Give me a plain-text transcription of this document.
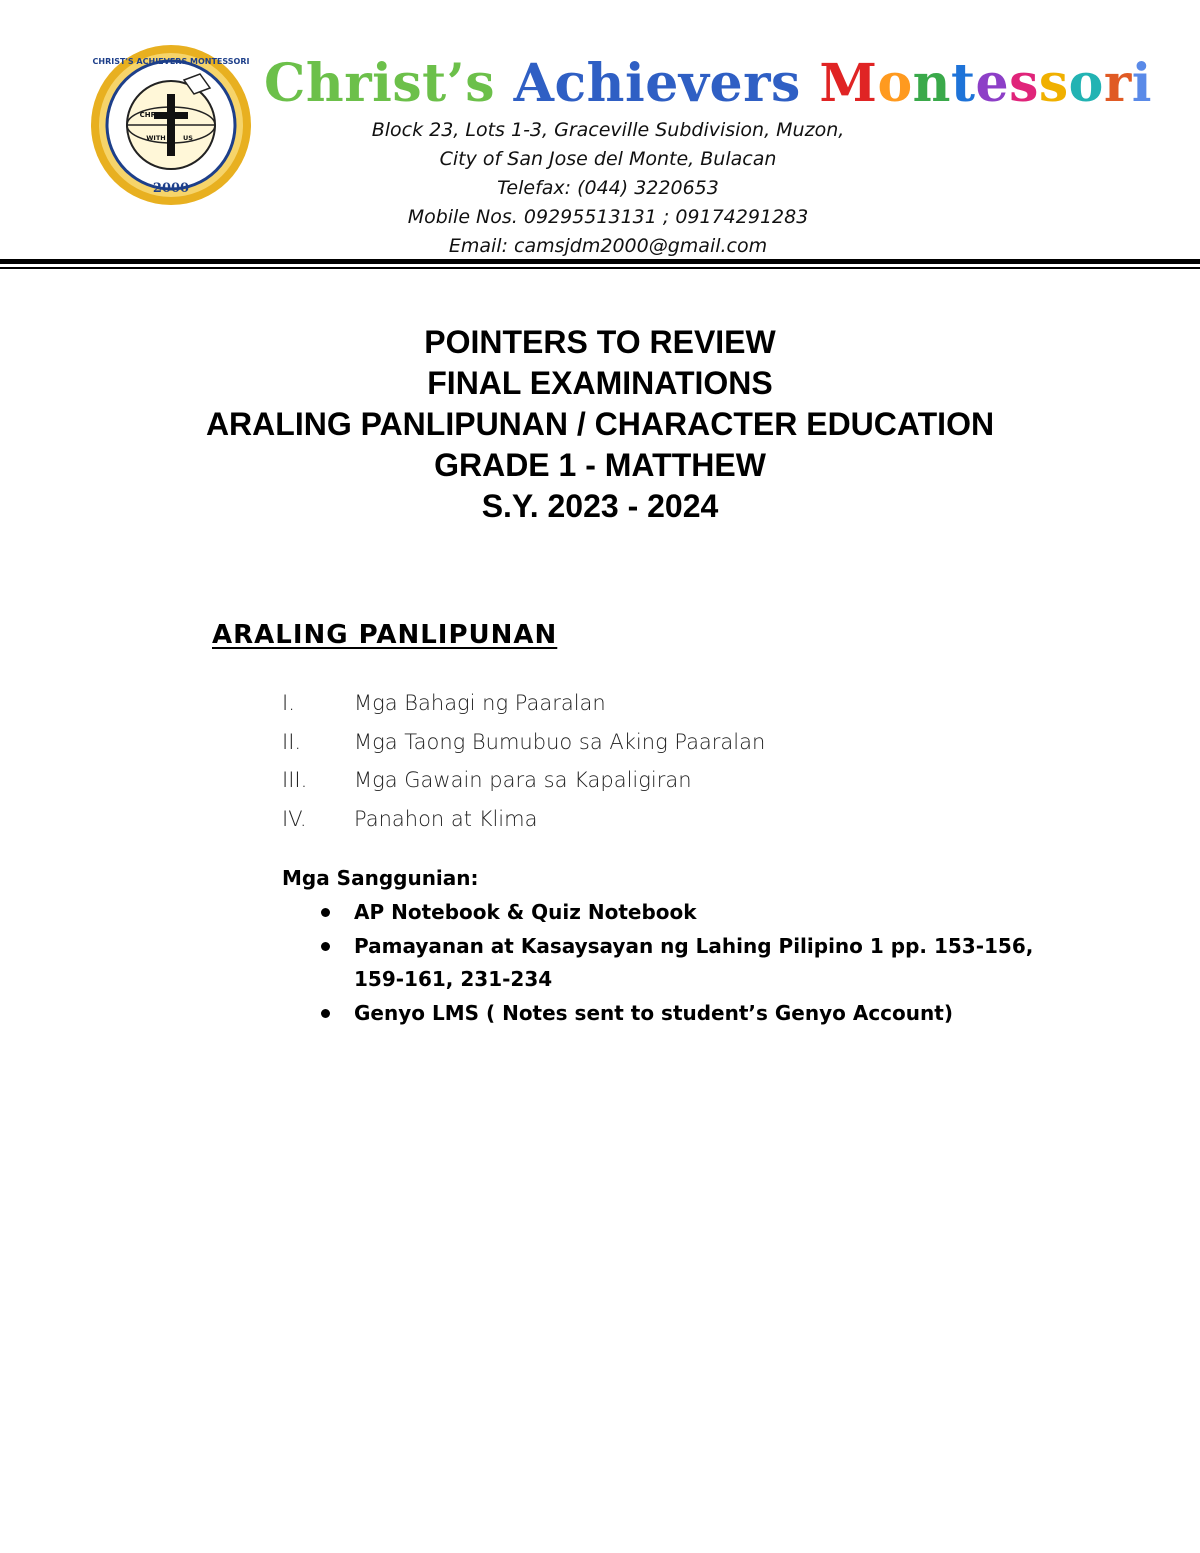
CHRIST'S ACHIEVERS MONTESSORI
CHRIST
WITH	US
2000
Christ’s Achievers Montessori
Block 23, Lots 1-3, Graceville Subdivision, Muzon,
City of San Jose del Monte, Bulacan
Telefax: (044) 3220653
Mobile Nos. 09295513131 ; 09174291283
Email: camsjdm2000@gmail.com
POINTERS TO REVIEW
FINAL EXAMINATIONS
ARALING PANLIPUNAN / CHARACTER EDUCATION
GRADE 1 - MATTHEW
S.Y. 2023 - 2024
ARALING PANLIPUNAN
I.	Mga Bahagi ng Paaralan
II.	Mga Taong Bumubuo sa Aking Paaralan
III.	Mga Gawain para sa Kapaligiran
IV.	Panahon at Klima
Mga Sanggunian:
AP Notebook & Quiz Notebook
Pamayanan at Kasaysayan ng Lahing Pilipino 1 pp. 153-156, 159-161, 231-234
Genyo LMS ( Notes sent to student’s Genyo Account)
